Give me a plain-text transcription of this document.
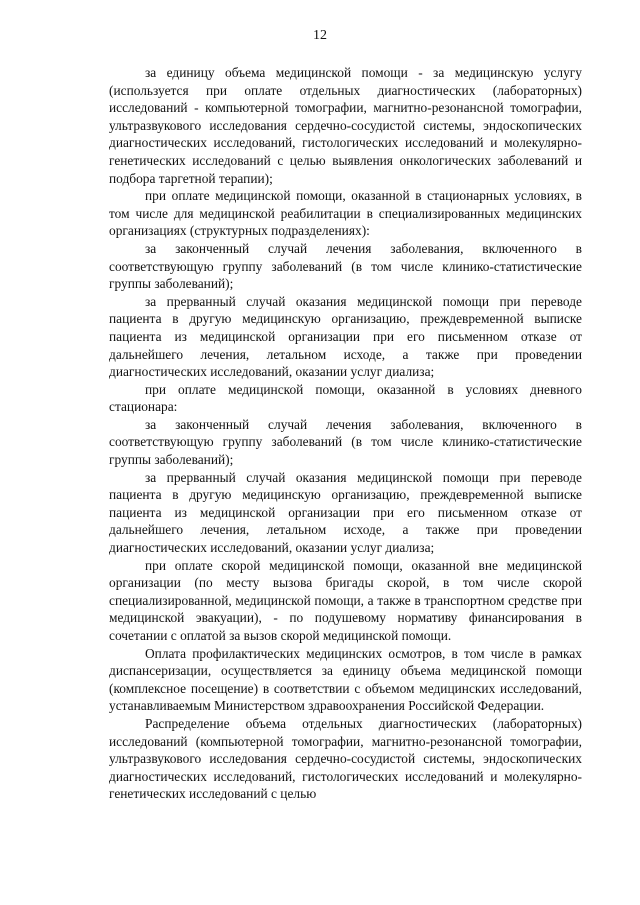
12

за единицу объема медицинской помощи - за медицинскую услугу (используется при оплате отдельных диагностических (лабораторных) исследований - компьютерной томографии, магнитно-резонансной томографии, ультразвукового исследования сердечно-сосудистой системы, эндоскопических диагностических исследований, гистологических исследований и молекулярно-генетических исследований с целью выявления онкологических заболеваний и подбора таргетной терапии);

при оплате медицинской помощи, оказанной в стационарных условиях, в том числе для медицинской реабилитации в специализированных медицинских организациях (структурных подразделениях):

за законченный случай лечения заболевания, включенного в соответствующую группу заболеваний (в том числе клинико-статистические группы заболеваний);

за прерванный случай оказания медицинской помощи при переводе пациента в другую медицинскую организацию, преждевременной выписке пациента из медицинской организации при его письменном отказе от дальнейшего лечения, летальном исходе, а также при проведении диагностических исследований, оказании услуг диализа;

при оплате медицинской помощи, оказанной в условиях дневного стационара:

за законченный случай лечения заболевания, включенного в соответствующую группу заболеваний (в том числе клинико-статистические группы заболеваний);

за прерванный случай оказания медицинской помощи при переводе пациента в другую медицинскую организацию, преждевременной выписке пациента из медицинской организации при его письменном отказе от дальнейшего лечения, летальном исходе, а также при проведении диагностических исследований, оказании услуг диализа;

при оплате скорой медицинской помощи, оказанной вне медицинской организации (по месту вызова бригады скорой, в том числе скорой специализированной, медицинской помощи, а также в транспортном средстве при медицинской эвакуации), - по подушевому нормативу финансирования в сочетании с оплатой за вызов скорой медицинской помощи.

Оплата профилактических медицинских осмотров, в том числе в рамках диспансеризации, осуществляется за единицу объема медицинской помощи (комплексное посещение) в соответствии с объемом медицинских исследований, устанавливаемым Министерством здравоохранения Российской Федерации.

Распределение объема отдельных диагностических (лабораторных) исследований (компьютерной томографии, магнитно-резонансной томографии, ультразвукового исследования сердечно-сосудистой системы, эндоскопических диагностических исследований, гистологических исследований и молекулярно-генетических исследований с целью
